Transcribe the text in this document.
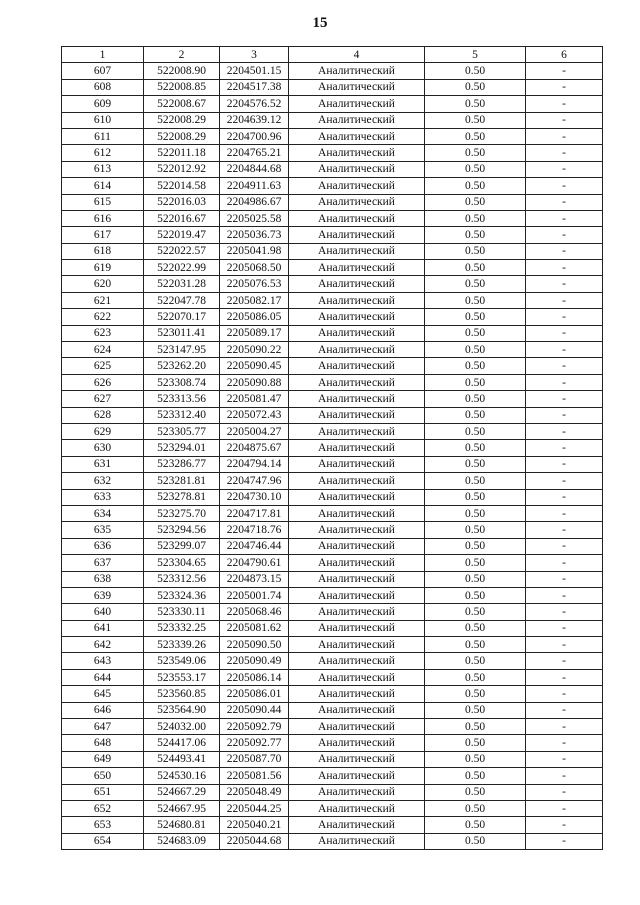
15
1	2	3	4	5	6
607	522008.90	2204501.15	Аналитический	0.50	-
608	522008.85	2204517.38	Аналитический	0.50	-
609	522008.67	2204576.52	Аналитический	0.50	-
610	522008.29	2204639.12	Аналитический	0.50	-
611	522008.29	2204700.96	Аналитический	0.50	-
612	522011.18	2204765.21	Аналитический	0.50	-
613	522012.92	2204844.68	Аналитический	0.50	-
614	522014.58	2204911.63	Аналитический	0.50	-
615	522016.03	2204986.67	Аналитический	0.50	-
616	522016.67	2205025.58	Аналитический	0.50	-
617	522019.47	2205036.73	Аналитический	0.50	-
618	522022.57	2205041.98	Аналитический	0.50	-
619	522022.99	2205068.50	Аналитический	0.50	-
620	522031.28	2205076.53	Аналитический	0.50	-
621	522047.78	2205082.17	Аналитический	0.50	-
622	522070.17	2205086.05	Аналитический	0.50	-
623	523011.41	2205089.17	Аналитический	0.50	-
624	523147.95	2205090.22	Аналитический	0.50	-
625	523262.20	2205090.45	Аналитический	0.50	-
626	523308.74	2205090.88	Аналитический	0.50	-
627	523313.56	2205081.47	Аналитический	0.50	-
628	523312.40	2205072.43	Аналитический	0.50	-
629	523305.77	2205004.27	Аналитический	0.50	-
630	523294.01	2204875.67	Аналитический	0.50	-
631	523286.77	2204794.14	Аналитический	0.50	-
632	523281.81	2204747.96	Аналитический	0.50	-
633	523278.81	2204730.10	Аналитический	0.50	-
634	523275.70	2204717.81	Аналитический	0.50	-
635	523294.56	2204718.76	Аналитический	0.50	-
636	523299.07	2204746.44	Аналитический	0.50	-
637	523304.65	2204790.61	Аналитический	0.50	-
638	523312.56	2204873.15	Аналитический	0.50	-
639	523324.36	2205001.74	Аналитический	0.50	-
640	523330.11	2205068.46	Аналитический	0.50	-
641	523332.25	2205081.62	Аналитический	0.50	-
642	523339.26	2205090.50	Аналитический	0.50	-
643	523549.06	2205090.49	Аналитический	0.50	-
644	523553.17	2205086.14	Аналитический	0.50	-
645	523560.85	2205086.01	Аналитический	0.50	-
646	523564.90	2205090.44	Аналитический	0.50	-
647	524032.00	2205092.79	Аналитический	0.50	-
648	524417.06	2205092.77	Аналитический	0.50	-
649	524493.41	2205087.70	Аналитический	0.50	-
650	524530.16	2205081.56	Аналитический	0.50	-
651	524667.29	2205048.49	Аналитический	0.50	-
652	524667.95	2205044.25	Аналитический	0.50	-
653	524680.81	2205040.21	Аналитический	0.50	-
654	524683.09	2205044.68	Аналитический	0.50	-
